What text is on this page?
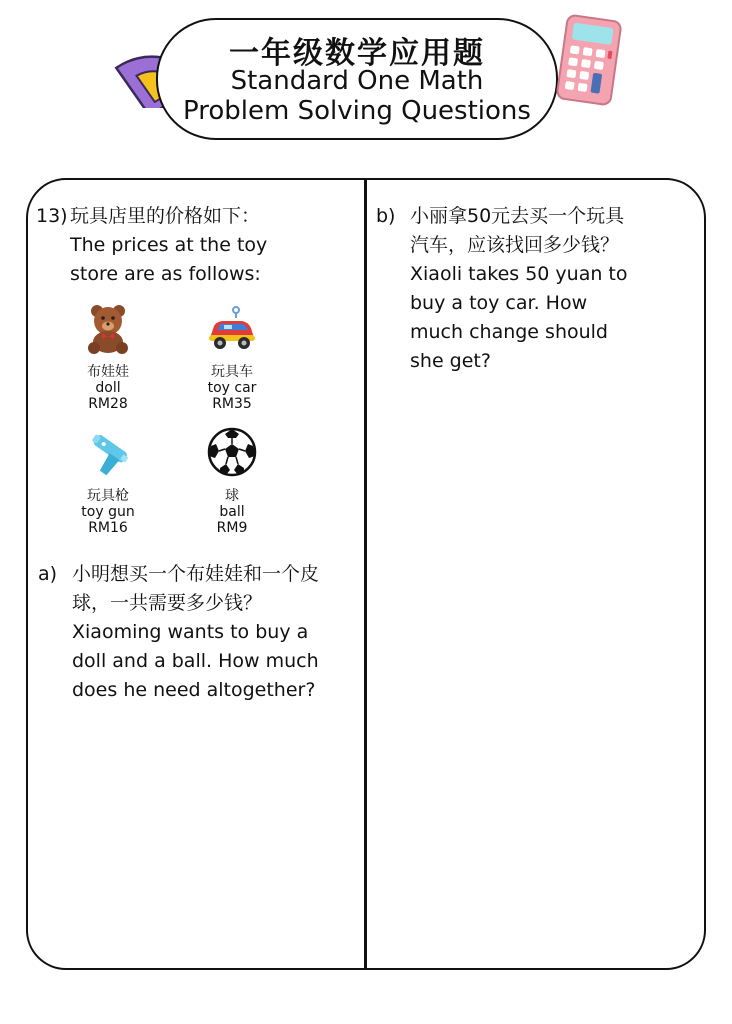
一年级数学应用题
Standard One Math
Problem Solving Questions
13) 玩具店里的价格如下：
The prices at the toy
store are as follows:
布娃娃
doll
RM28
玩具车
toy car
RM35
玩具枪
toy gun
RM16
球
ball
RM9
a) 小明想买一个布娃娃和一个皮
球，一共需要多少钱？
Xiaoming wants to buy a
doll and a ball. How much
does he need altogether?
b) 小丽拿50元去买一个玩具
汽车，应该找回多少钱？
Xiaoli takes 50 yuan to
buy a toy car. How
much change should
she get?
